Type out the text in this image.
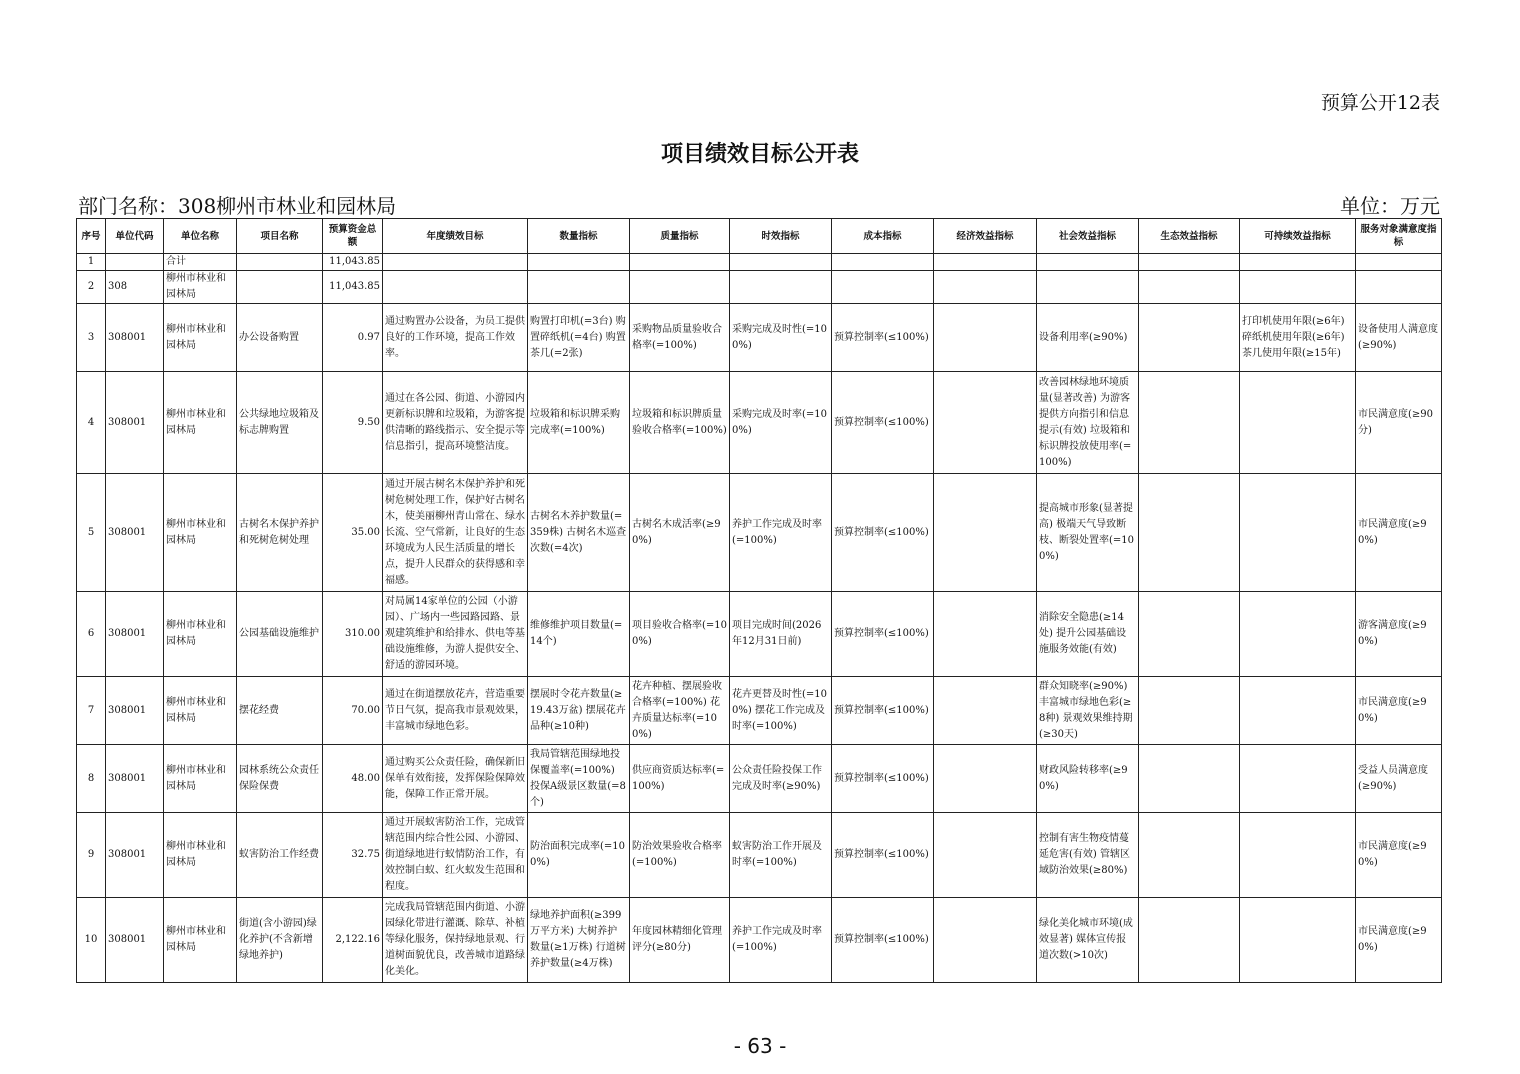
预算公开12表
项目绩效目标公开表
部门名称：308柳州市林业和园林局	单位：万元
序号	单位代码	单位名称	项目名称	预算资金总额	年度绩效目标	数量指标	质量指标	时效指标	成本指标	经济效益指标	社会效益指标	生态效益指标	可持续效益指标	服务对象满意度指标
1		合计		11,043.85										
2	308	柳州市林业和园林局		11,043.85										
3	308001	柳州市林业和园林局	办公设备购置	0.97	通过购置办公设备，为员工提供良好的工作环境，提高工作效率。	购置打印机(=3台) 购置碎纸机(=4台) 购置茶几(=2张)	采购物品质量验收合格率(=100%)	采购完成及时性(=100%)	预算控制率(≤100%)		设备利用率(≥90%)		打印机使用年限(≥6年) 碎纸机使用年限(≥6年) 茶几使用年限(≥15年)	设备使用人满意度(≥90%)
4	308001	柳州市林业和园林局	公共绿地垃圾箱及标志牌购置	9.50	通过在各公园、街道、小游园内更新标识牌和垃圾箱，为游客提供清晰的路线指示、安全提示等信息指引，提高环境整洁度。	垃圾箱和标识牌采购完成率(=100%)	垃圾箱和标识牌质量验收合格率(=100%)	采购完成及时率(=100%)	预算控制率(≤100%)		改善园林绿地环境质量(显著改善) 为游客提供方向指引和信息提示(有效) 垃圾箱和标识牌投放使用率(=100%)			市民满意度(≥90分)
5	308001	柳州市林业和园林局	古树名木保护养护和死树危树处理	35.00	通过开展古树名木保护养护和死树危树处理工作，保护好古树名木，使美丽柳州青山常在、绿水长流、空气常新，让良好的生态环境成为人民生活质量的增长点，提升人民群众的获得感和幸福感。	古树名木养护数量(=359株) 古树名木巡查次数(=4次)	古树名木成活率(≥90%)	养护工作完成及时率(=100%)	预算控制率(≤100%)		提高城市形象(显著提高) 极端天气导致断枝、断裂处置率(=100%)			市民满意度(≥90%)
6	308001	柳州市林业和园林局	公园基础设施维护	310.00	对局属14家单位的公园（小游园）、广场内一些园路园路、景观建筑维护和给排水、供电等基础设施维修，为游人提供安全、舒适的游园环境。	维修维护项目数量(=14个)	项目验收合格率(=100%)	项目完成时间(2026年12月31日前)	预算控制率(≤100%)		消除安全隐患(≥14处) 提升公园基础设施服务效能(有效)			游客满意度(≥90%)
7	308001	柳州市林业和园林局	摆花经费	70.00	通过在街道摆放花卉，营造重要节日气氛，提高我市景观效果，丰富城市绿地色彩。	摆展时令花卉数量(≥19.43万盆) 摆展花卉品种(≥10种)	花卉种植、摆展验收合格率(=100%) 花卉质量达标率(=100%)	花卉更替及时性(=100%) 摆花工作完成及时率(=100%)	预算控制率(≤100%)		群众知晓率(≥90%) 丰富城市绿地色彩(≥8种) 景观效果维持期(≥30天)			市民满意度(≥90%)
8	308001	柳州市林业和园林局	园林系统公众责任保险保费	48.00	通过购买公众责任险，确保新旧保单有效衔接，发挥保险保障效能，保障工作正常开展。	我局管辖范围绿地投保覆盖率(=100%) 投保A级景区数量(=8个)	供应商资质达标率(=100%)	公众责任险投保工作完成及时率(≥90%)	预算控制率(≤100%)		财政风险转移率(≥90%)			受益人员满意度(≥90%)
9	308001	柳州市林业和园林局	蚁害防治工作经费	32.75	通过开展蚁害防治工作，完成管辖范围内综合性公园、小游园、街道绿地进行蚁情防治工作，有效控制白蚁、红火蚁发生范围和程度。	防治面积完成率(=100%)	防治效果验收合格率(=100%)	蚁害防治工作开展及时率(=100%)	预算控制率(≤100%)		控制有害生物疫情蔓延危害(有效) 管辖区域防治效果(≥80%)			市民满意度(≥90%)
10	308001	柳州市林业和园林局	街道(含小游园)绿化养护(不含新增绿地养护)	2,122.16	完成我局管辖范围内街道、小游园绿化带进行灌溉、除草、补植等绿化服务，保持绿地景观、行道树面貌优良，改善城市道路绿化美化。	绿地养护面积(≥399万平方米) 大树养护数量(≥1万株) 行道树养护数量(≥4万株)	年度园林精细化管理评分(≥80分)	养护工作完成及时率(=100%)	预算控制率(≤100%)		绿化美化城市环境(成效显著) 媒体宣传报道次数(>10次)			市民满意度(≥90%)
- 63 -
